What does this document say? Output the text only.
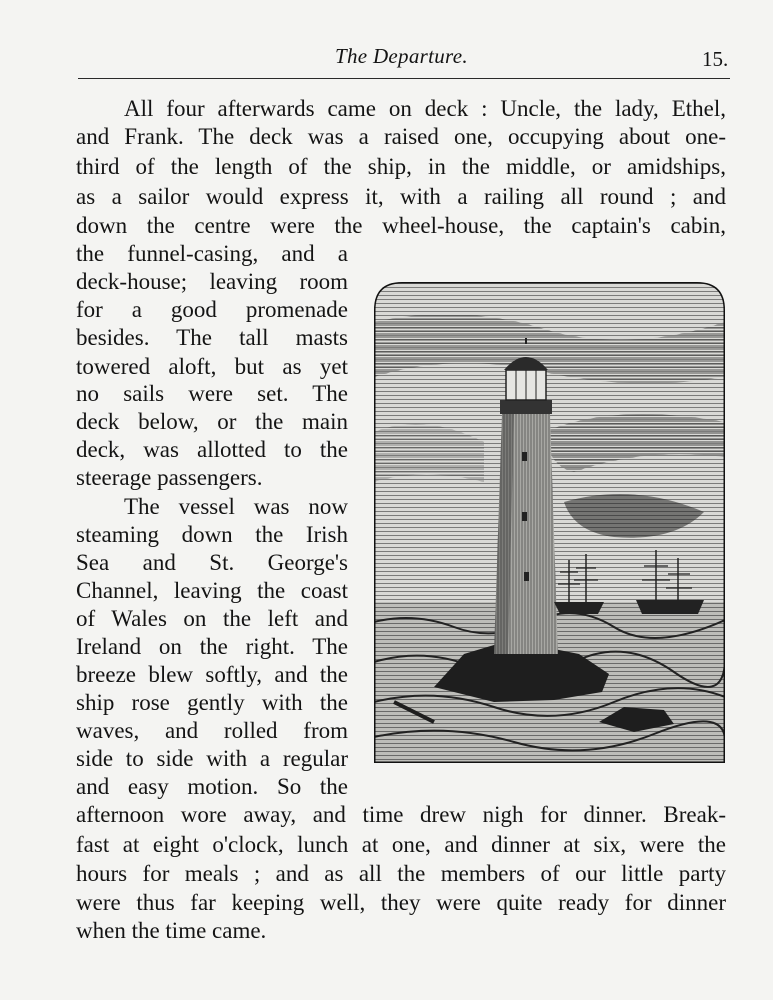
The Departure.	15.
All four afterwards came on deck : Uncle, the lady, Ethel,
and Frank. The deck was a raised one, occupying about one-
third of the length of the ship, in the middle, or amidships,
as a sailor would express it, with a railing all round ; and
down the centre were the wheel-house, the captain's cabin,
the funnel-casing, and a
deck-house; leaving room
for a good promenade
besides. The tall masts
towered aloft, but as yet
no sails were set. The
deck below, or the main
deck, was allotted to the
steerage passengers.
The vessel was now
steaming down the Irish
Sea and St. George's
Channel, leaving the coast
of Wales on the left and
Ireland on the right. The
breeze blew softly, and the
ship rose gently with the
waves, and rolled from
side to side with a regular
and easy motion. So the
afternoon wore away, and time drew nigh for dinner. Break-
fast at eight o'clock, lunch at one, and dinner at six, were the
hours for meals ; and as all the members of our little party
were thus far keeping well, they were quite ready for dinner
when the time came.
